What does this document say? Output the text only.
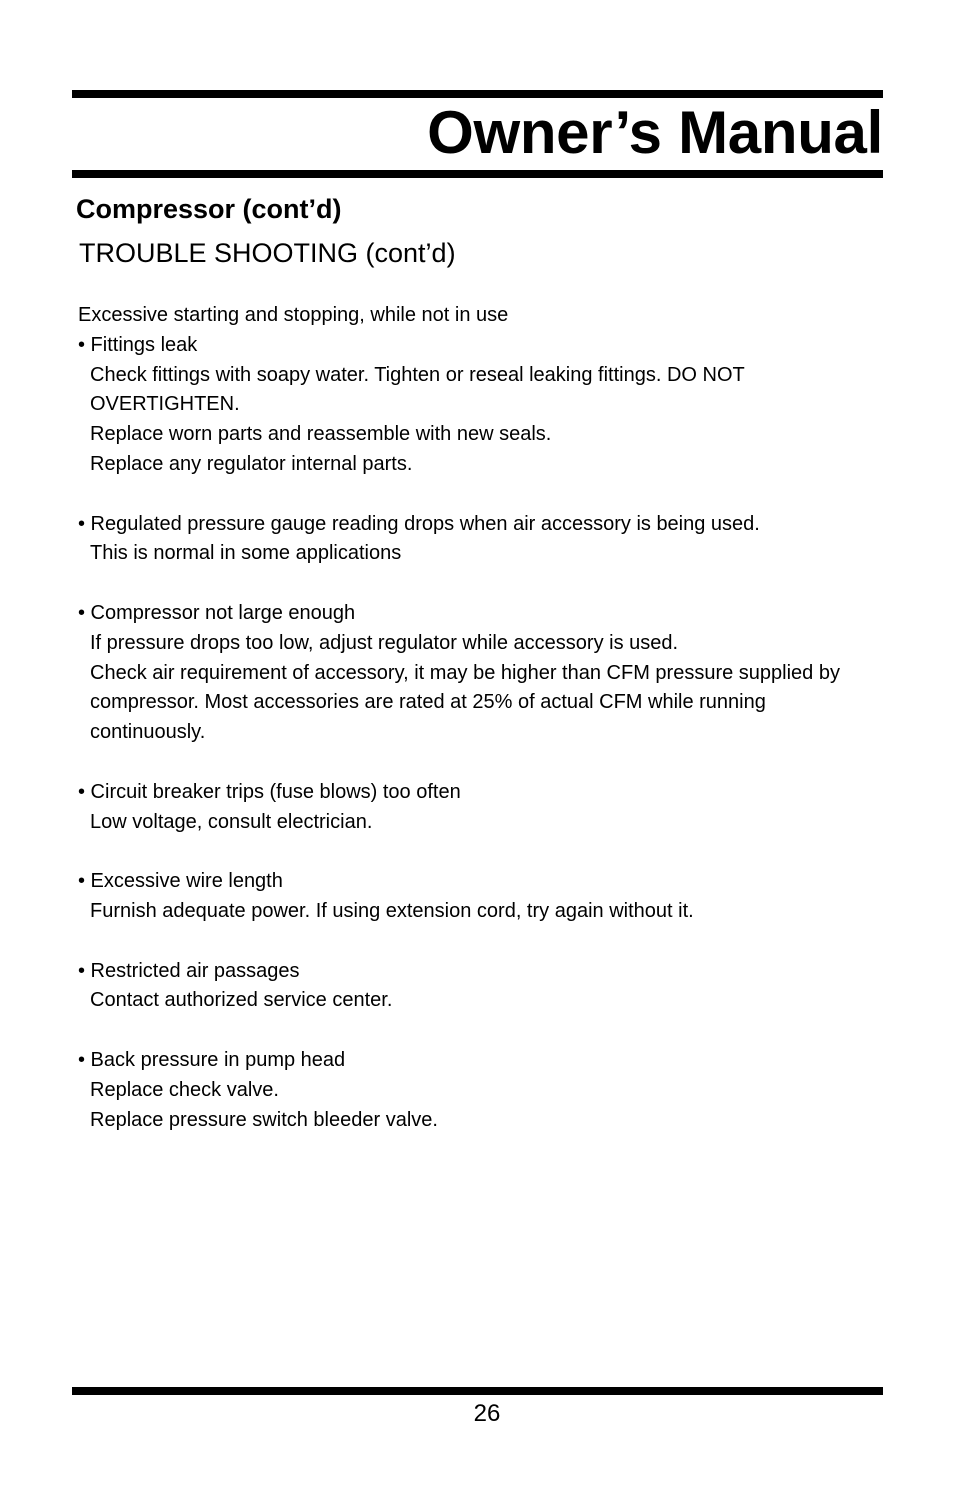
Owner’s Manual
Compressor (cont’d)
TROUBLE SHOOTING (cont’d)

Excessive starting and stopping, while not in use

• Fittings leak

Check fittings with soapy water. Tighten or reseal leaking fittings. DO NOT

OVERTIGHTEN.

Replace worn parts and reassemble with new seals.

Replace any regulator internal parts.

• Regulated pressure gauge reading drops when air accessory is being used.

This is normal in some applications

• Compressor not large enough

If pressure drops too low, adjust regulator while accessory is used.

Check air requirement of accessory, it may be higher than CFM pressure supplied by

compressor. Most accessories are rated at 25% of actual CFM while running

continuously.

• Circuit breaker trips (fuse blows) too often

Low voltage, consult electrician.

• Excessive wire length

Furnish adequate power. If using extension cord, try again without it.

• Restricted air passages

Contact authorized service center.

• Back pressure in pump head

Replace check valve.

Replace pressure switch bleeder valve.

26
